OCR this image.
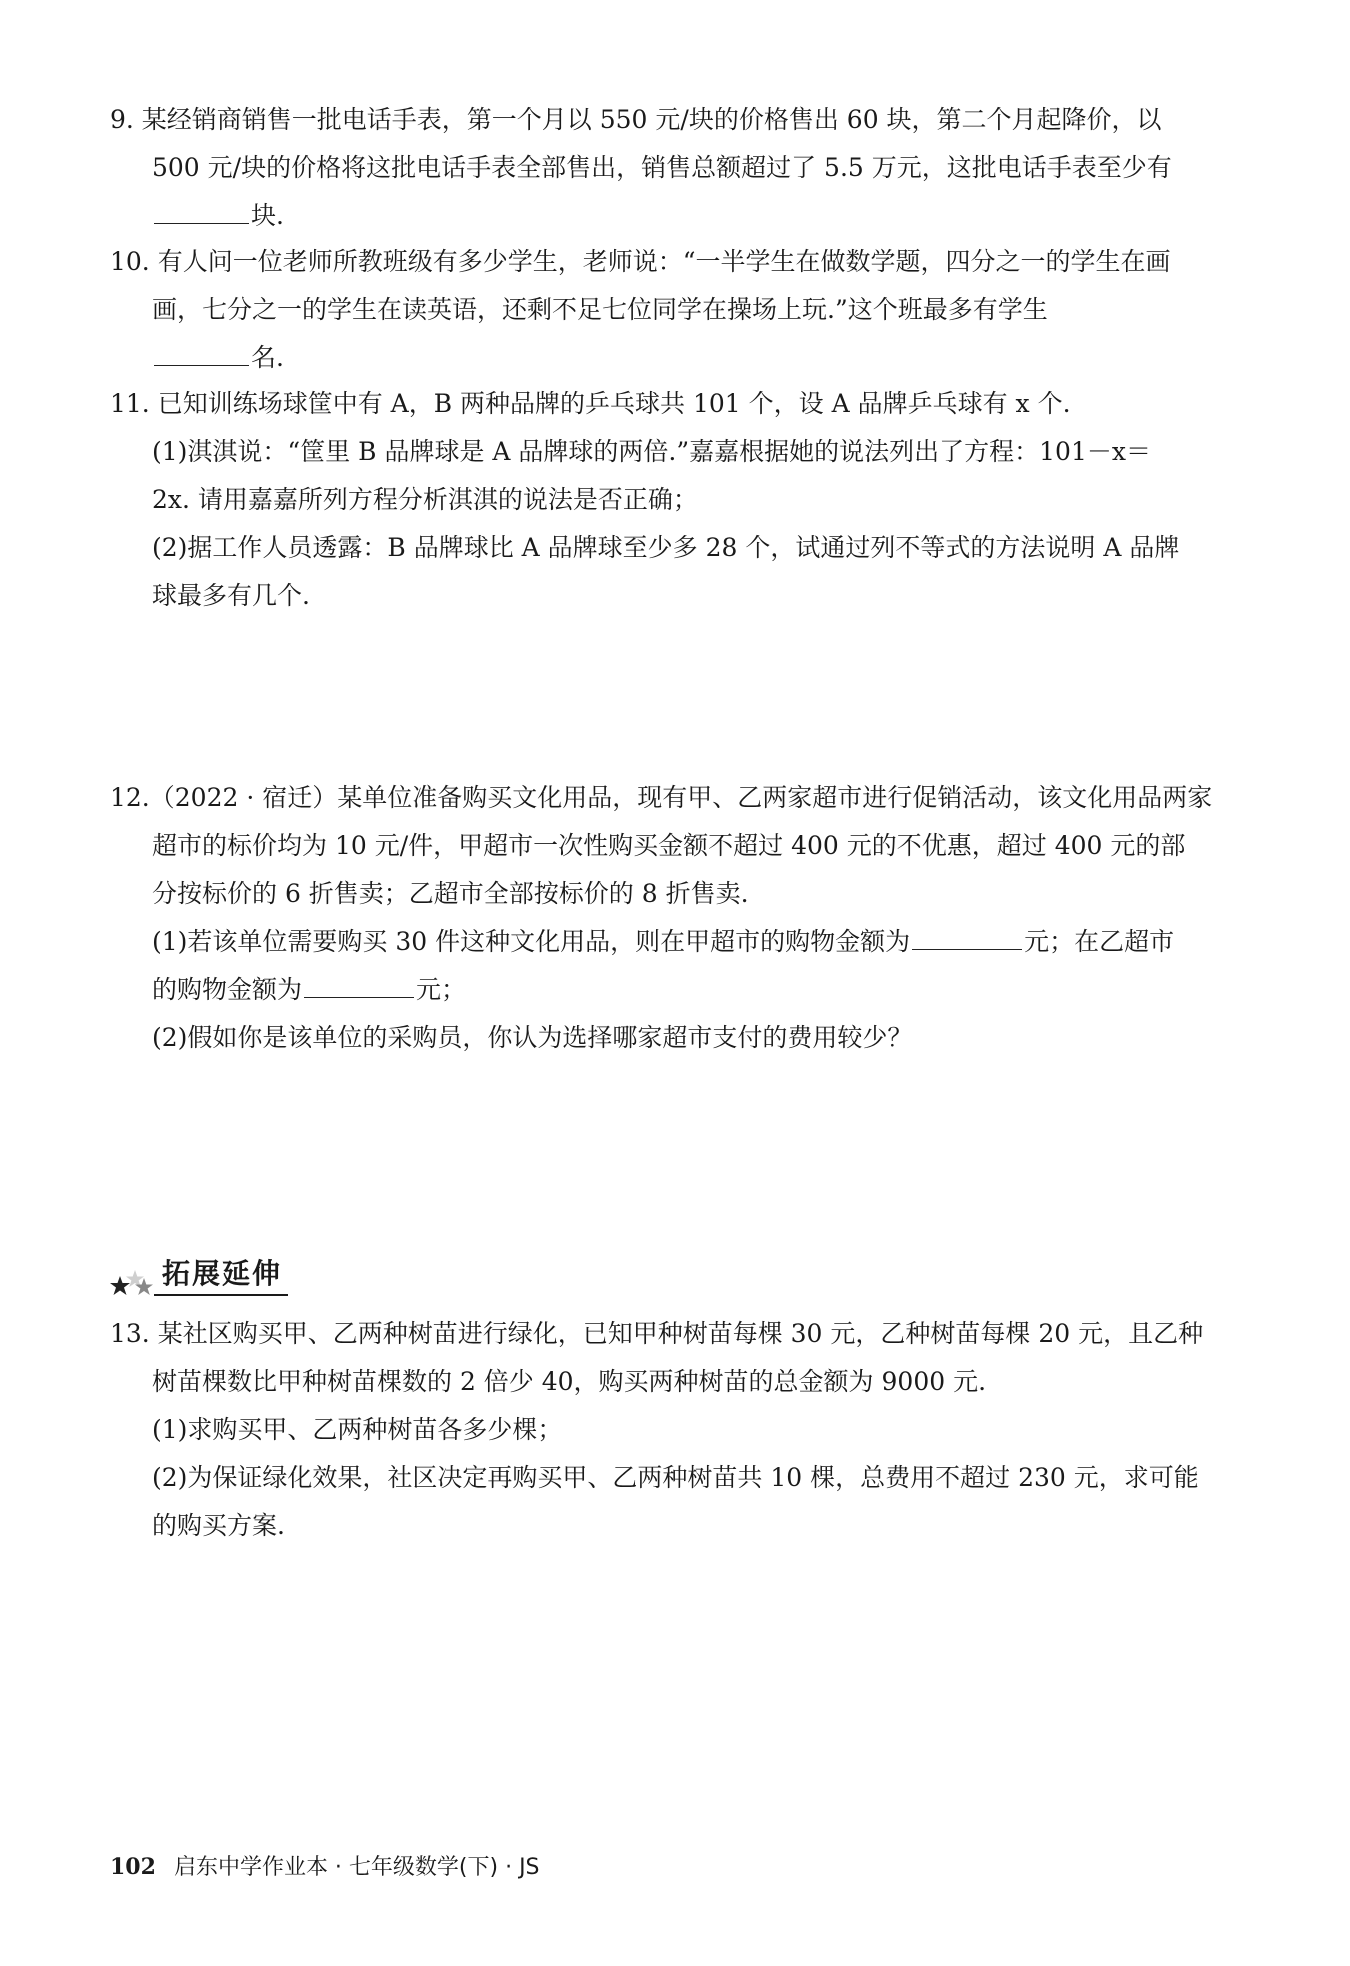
9. 某经销商销售一批电话手表，第一个月以 550 元/块的价格售出 60 块，第二个月起降价，以
500 元/块的价格将这批电话手表全部售出，销售总额超过了 5.5 万元，这批电话手表至少有
块.
10. 有人问一位老师所教班级有多少学生，老师说：“一半学生在做数学题，四分之一的学生在画
画，七分之一的学生在读英语，还剩不足七位同学在操场上玩.”这个班最多有学生
名.
11. 已知训练场球筐中有 A，B 两种品牌的乒乓球共 101 个，设 A 品牌乒乓球有 x 个.
(1)淇淇说：“筐里 B 品牌球是 A 品牌球的两倍.”嘉嘉根据她的说法列出了方程：101－x＝
2x. 请用嘉嘉所列方程分析淇淇的说法是否正确；
(2)据工作人员透露：B 品牌球比 A 品牌球至少多 28 个，试通过列不等式的方法说明 A 品牌
球最多有几个.
12.（2022 · 宿迁）某单位准备购买文化用品，现有甲、乙两家超市进行促销活动，该文化用品两家
超市的标价均为 10 元/件，甲超市一次性购买金额不超过 400 元的不优惠，超过 400 元的部
分按标价的 6 折售卖；乙超市全部按标价的 8 折售卖.
(1)若该单位需要购买 30 件这种文化用品，则在甲超市的购物金额为	元；在乙超市
的购物金额为	元；
(2)假如你是该单位的采购员，你认为选择哪家超市支付的费用较少？
拓展延伸
13. 某社区购买甲、乙两种树苗进行绿化，已知甲种树苗每棵 30 元，乙种树苗每棵 20 元，且乙种
树苗棵数比甲种树苗棵数的 2 倍少 40，购买两种树苗的总金额为 9000 元.
(1)求购买甲、乙两种树苗各多少棵；
(2)为保证绿化效果，社区决定再购买甲、乙两种树苗共 10 棵，总费用不超过 230 元，求可能
的购买方案.
102 启东中学作业本 · 七年级数学(下) · JS
